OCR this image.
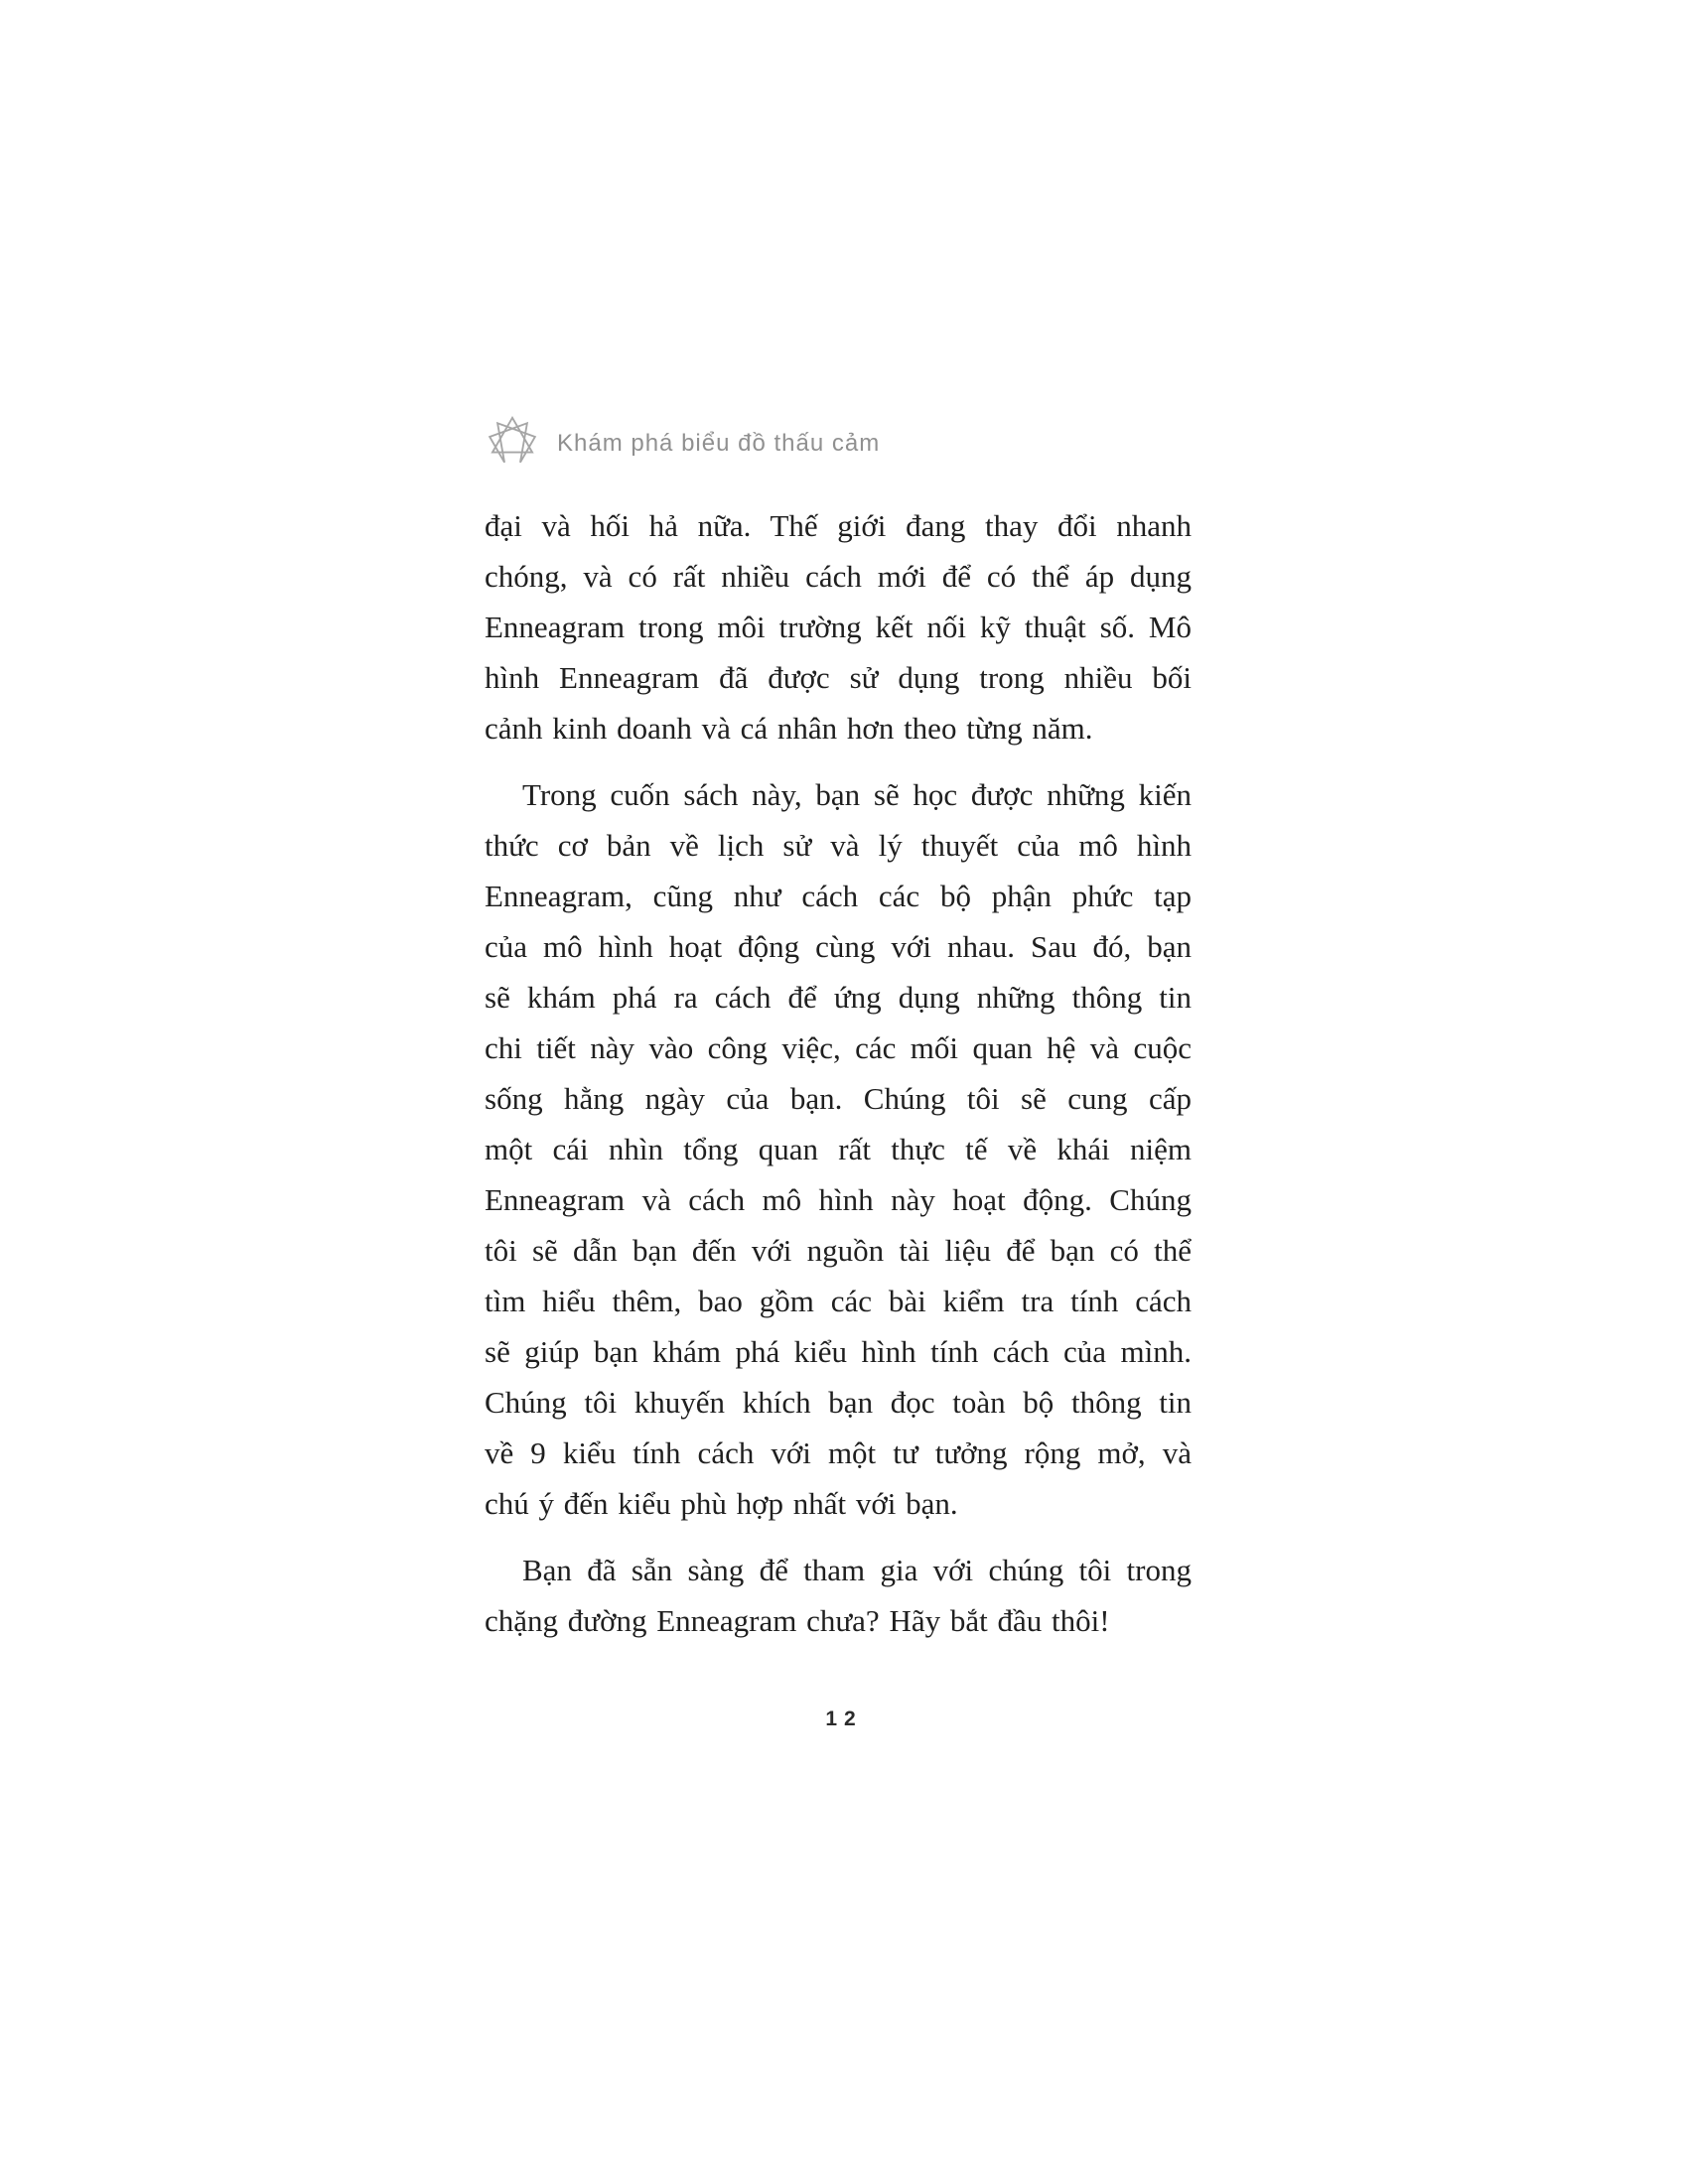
Khám phá biểu đồ thấu cảm
đại và hối hả nữa. Thế giới đang thay đổi nhanh
chóng, và có rất nhiều cách mới để có thể áp dụng
Enneagram trong môi trường kết nối kỹ thuật số. Mô
hình Enneagram đã được sử dụng trong nhiều bối
cảnh kinh doanh và cá nhân hơn theo từng năm.
Trong cuốn sách này, bạn sẽ học được những kiến
thức cơ bản về lịch sử và lý thuyết của mô hình
Enneagram, cũng như cách các bộ phận phức tạp
của mô hình hoạt động cùng với nhau. Sau đó, bạn
sẽ khám phá ra cách để ứng dụng những thông tin
chi tiết này vào công việc, các mối quan hệ và cuộc
sống hằng ngày của bạn. Chúng tôi sẽ cung cấp
một cái nhìn tổng quan rất thực tế về khái niệm
Enneagram và cách mô hình này hoạt động. Chúng
tôi sẽ dẫn bạn đến với nguồn tài liệu để bạn có thể
tìm hiểu thêm, bao gồm các bài kiểm tra tính cách
sẽ giúp bạn khám phá kiểu hình tính cách của mình.
Chúng tôi khuyến khích bạn đọc toàn bộ thông tin
về 9 kiểu tính cách với một tư tưởng rộng mở, và
chú ý đến kiểu phù hợp nhất với bạn.
Bạn đã sẵn sàng để tham gia với chúng tôi trong
chặng đường Enneagram chưa? Hãy bắt đầu thôi!
12
